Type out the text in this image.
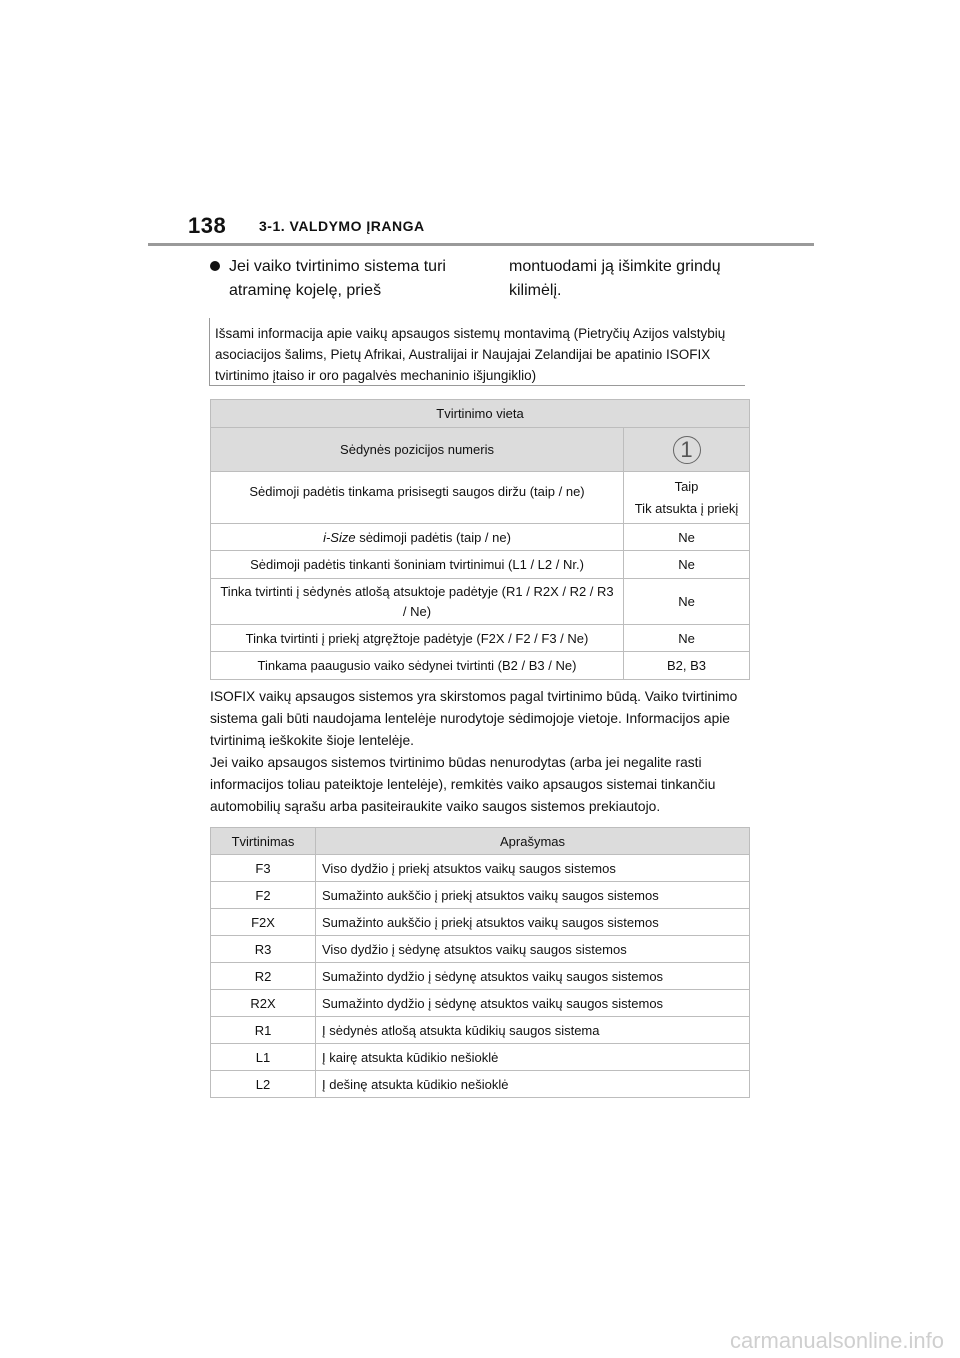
138 3-1. VALDYMO ĮRANGA
Jei vaiko tvirtinimo sistema turi atraminę kojelę, prieš
montuodami ją išimkite grindų kilimėlį.
Išsami informacija apie vaikų apsaugos sistemų montavimą (Pietryčių Azijos valstybių asociacijos šalims, Pietų Afrikai, Australijai ir Naujajai Zelandijai be apatinio ISOFIX tvirtinimo įtaiso ir oro pagalvės mechaninio išjungiklio)
Tvirtinimo vieta	
Sėdynės pozicijos numeris	1
Sėdimoji padėtis tinkama prisisegti saugos diržu (taip / ne)	Taip
Tik atsukta į priekį

i-Size sėdimoji padėtis (taip / ne)	Ne
Sėdimoji padėtis tinkanti šoniniam tvirtinimui (L1 / L2 / Nr.)	Ne
Tinka tvirtinti į sėdynės atlošą atsuktoje padėtyje (R1 / R2X / R2 / R3 / Ne)	Ne
Tinka tvirtinti į priekį atgręžtoje padėtyje (F2X / F2 / F3 / Ne)	Ne
Tinkama paaugusio vaiko sėdynei tvirtinti (B2 / B3 / Ne)	B2, B3

ISOFIX vaikų apsaugos sistemos yra skirstomos pagal tvirtinimo būdą. Vaiko tvirtinimo sistema gali būti naudojama lentelėje nurodytoje sėdimojoje vietoje. Informacijos apie tvirtinimą ieškokite šioje lentelėje.

Jei vaiko apsaugos sistemos tvirtinimo būdas nenurodytas (arba jei negalite rasti informacijos toliau pateiktoje lentelėje), remkitės vaiko apsaugos sistemai tinkančiu automobilių sąrašu arba pasiteiraukite vaiko saugos sistemos prekiautojo.

Tvirtinimas	Aprašymas
F3	Viso dydžio į priekį atsuktos vaikų saugos sistemos
F2	Sumažinto aukščio į priekį atsuktos vaikų saugos sistemos
F2X	Sumažinto aukščio į priekį atsuktos vaikų saugos sistemos
R3	Viso dydžio į sėdynę atsuktos vaikų saugos sistemos
R2	Sumažinto dydžio į sėdynę atsuktos vaikų saugos sistemos
R2X	Sumažinto dydžio į sėdynę atsuktos vaikų saugos sistemos
R1	Į sėdynės atlošą atsukta kūdikių saugos sistema
L1	Į kairę atsukta kūdikio nešioklė
L2	Į dešinę atsukta kūdikio nešioklė
carmanualsonline.info
